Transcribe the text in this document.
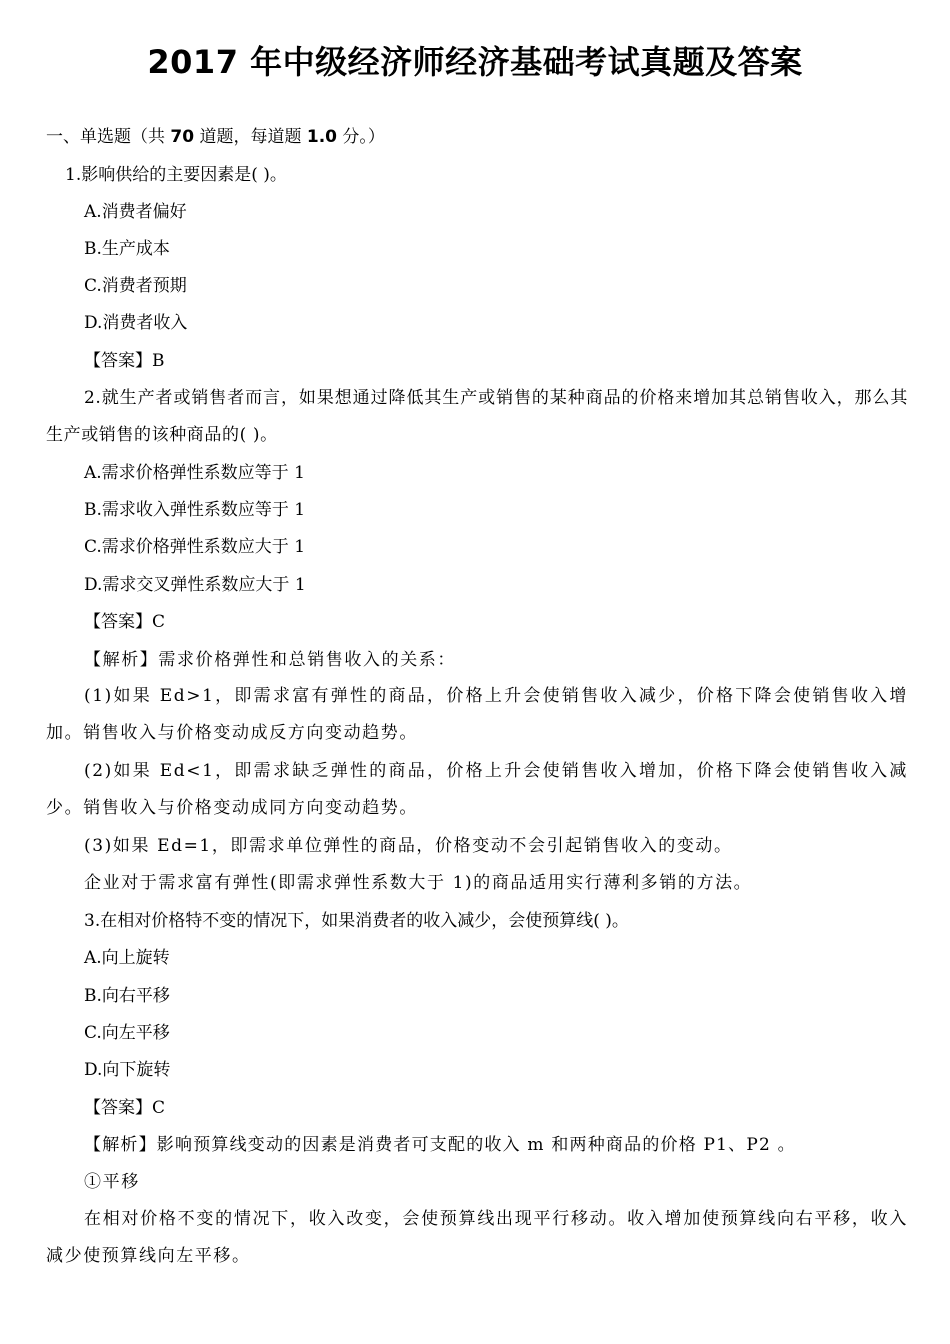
2017 年中级经济师经济基础考试真题及答案
一、单选题（共 70 道题，每道题 1.0 分。）
1.影响供给的主要因素是( )。
A.消费者偏好
B.生产成本
C.消费者预期
D.消费者收入
【答案】B
2.就生产者或销售者而言，如果想通过降低其生产或销售的某种商品的价格来增加其总销售收入，那么其生产或销售的该种商品的( )。
A.需求价格弹性系数应等于 1
B.需求收入弹性系数应等于 1
C.需求价格弹性系数应大于 1
D.需求交叉弹性系数应大于 1
【答案】C
【解析】需求价格弹性和总销售收入的关系：
(1)如果 Ed>1，即需求富有弹性的商品，价格上升会使销售收入减少，价格下降会使销售收入增加。销售收入与价格变动成反方向变动趋势。
(2)如果 Ed<1，即需求缺乏弹性的商品，价格上升会使销售收入增加，价格下降会使销售收入减少。销售收入与价格变动成同方向变动趋势。
(3)如果 Ed=1，即需求单位弹性的商品，价格变动不会引起销售收入的变动。
企业对于需求富有弹性(即需求弹性系数大于 1)的商品适用实行薄利多销的方法。
3.在相对价格特不变的情况下，如果消费者的收入减少，会使预算线( )。
A.向上旋转
B.向右平移
C.向左平移
D.向下旋转
【答案】C
【解析】影响预算线变动的因素是消费者可支配的收入 m 和两种商品的价格 P1、P2 。
①平移
在相对价格不变的情况下，收入改变，会使预算线出现平行移动。收入增加使预算线向右平移，收入减少使预算线向左平移。
